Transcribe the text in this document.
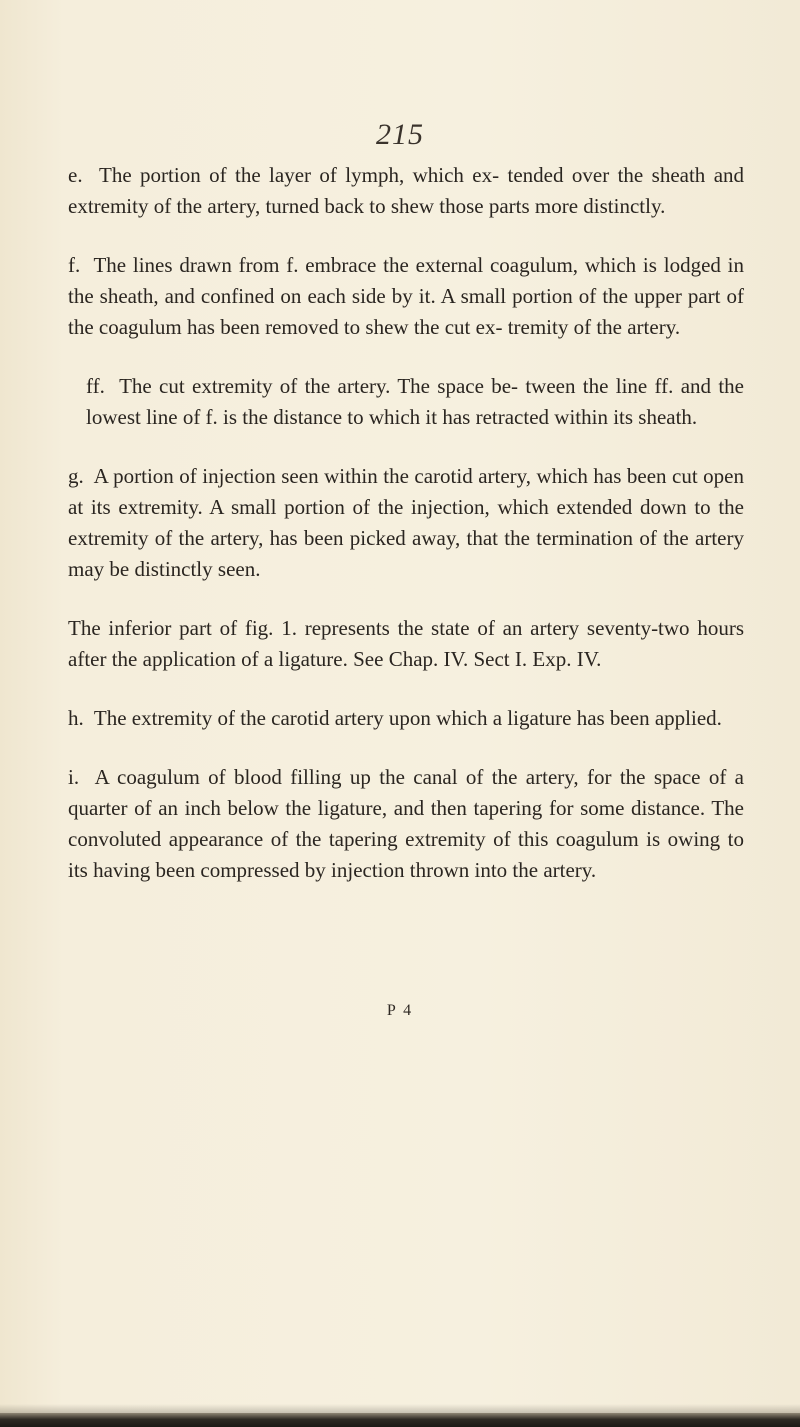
215

e. The portion of the layer of lymph, which ex- tended over the sheath and extremity of the artery, turned back to shew those parts more distinctly.

f. The lines drawn from f. embrace the external coagulum, which is lodged in the sheath, and confined on each side by it. A small portion of the upper part of the coagulum has been removed to shew the cut ex- tremity of the artery.

ff. The cut extremity of the artery. The space be- tween the line ff. and the lowest line of f. is the distance to which it has retracted within its sheath.

g. A portion of injection seen within the carotid artery, which has been cut open at its extremity. A small portion of the injection, which extended down to the extremity of the artery, has been picked away, that the termination of the artery may be distinctly seen.

The inferior part of fig. 1. represents the state of an artery seventy-two hours after the application of a ligature. See Chap. IV. Sect I. Exp. IV.

h. The extremity of the carotid artery upon which a ligature has been applied.

i. A coagulum of blood filling up the canal of the artery, for the space of a quarter of an inch below the ligature, and then tapering for some distance. The convoluted appearance of the tapering extremity of this coagulum is owing to its having been compressed by injection thrown into the artery.

P 4
